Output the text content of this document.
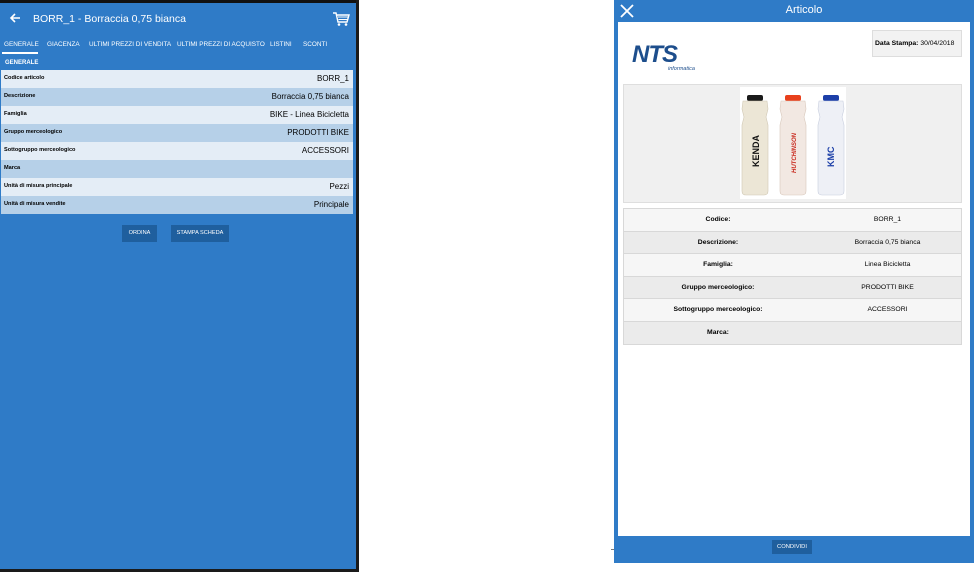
BORR_1 - Borraccia 0,75 bianca
GENERALE GIACENZA ULTIMI PREZZI DI VENDITA ULTIMI PREZZI DI ACQUISTO LISTINI SCONTI
GENERALE
Codice articolo	BORR_1
Descrizione	Borraccia 0,75 bianca
Famiglia	BIKE - Linea Bicicletta
Gruppo merceologico	PRODOTTI BIKE
Sottogruppo merceologico	ACCESSORI
Marca
Unità di misura principale	Pezzi
Unità di misura vendite	Principale
ORDINA	STAMPA SCHEDA
Articolo
NTS
informatica
Data Stampa: 30/04/2018
KENDA	HUTCHINSON	KMC
Codice:	BORR_1
Descrizione:	Borraccia 0,75 bianca
Famiglia:	Linea Bicicletta
Gruppo merceologico:	PRODOTTI BIKE
Sottogruppo merceologico:	ACCESSORI
Marca:
CONDIVIDI
